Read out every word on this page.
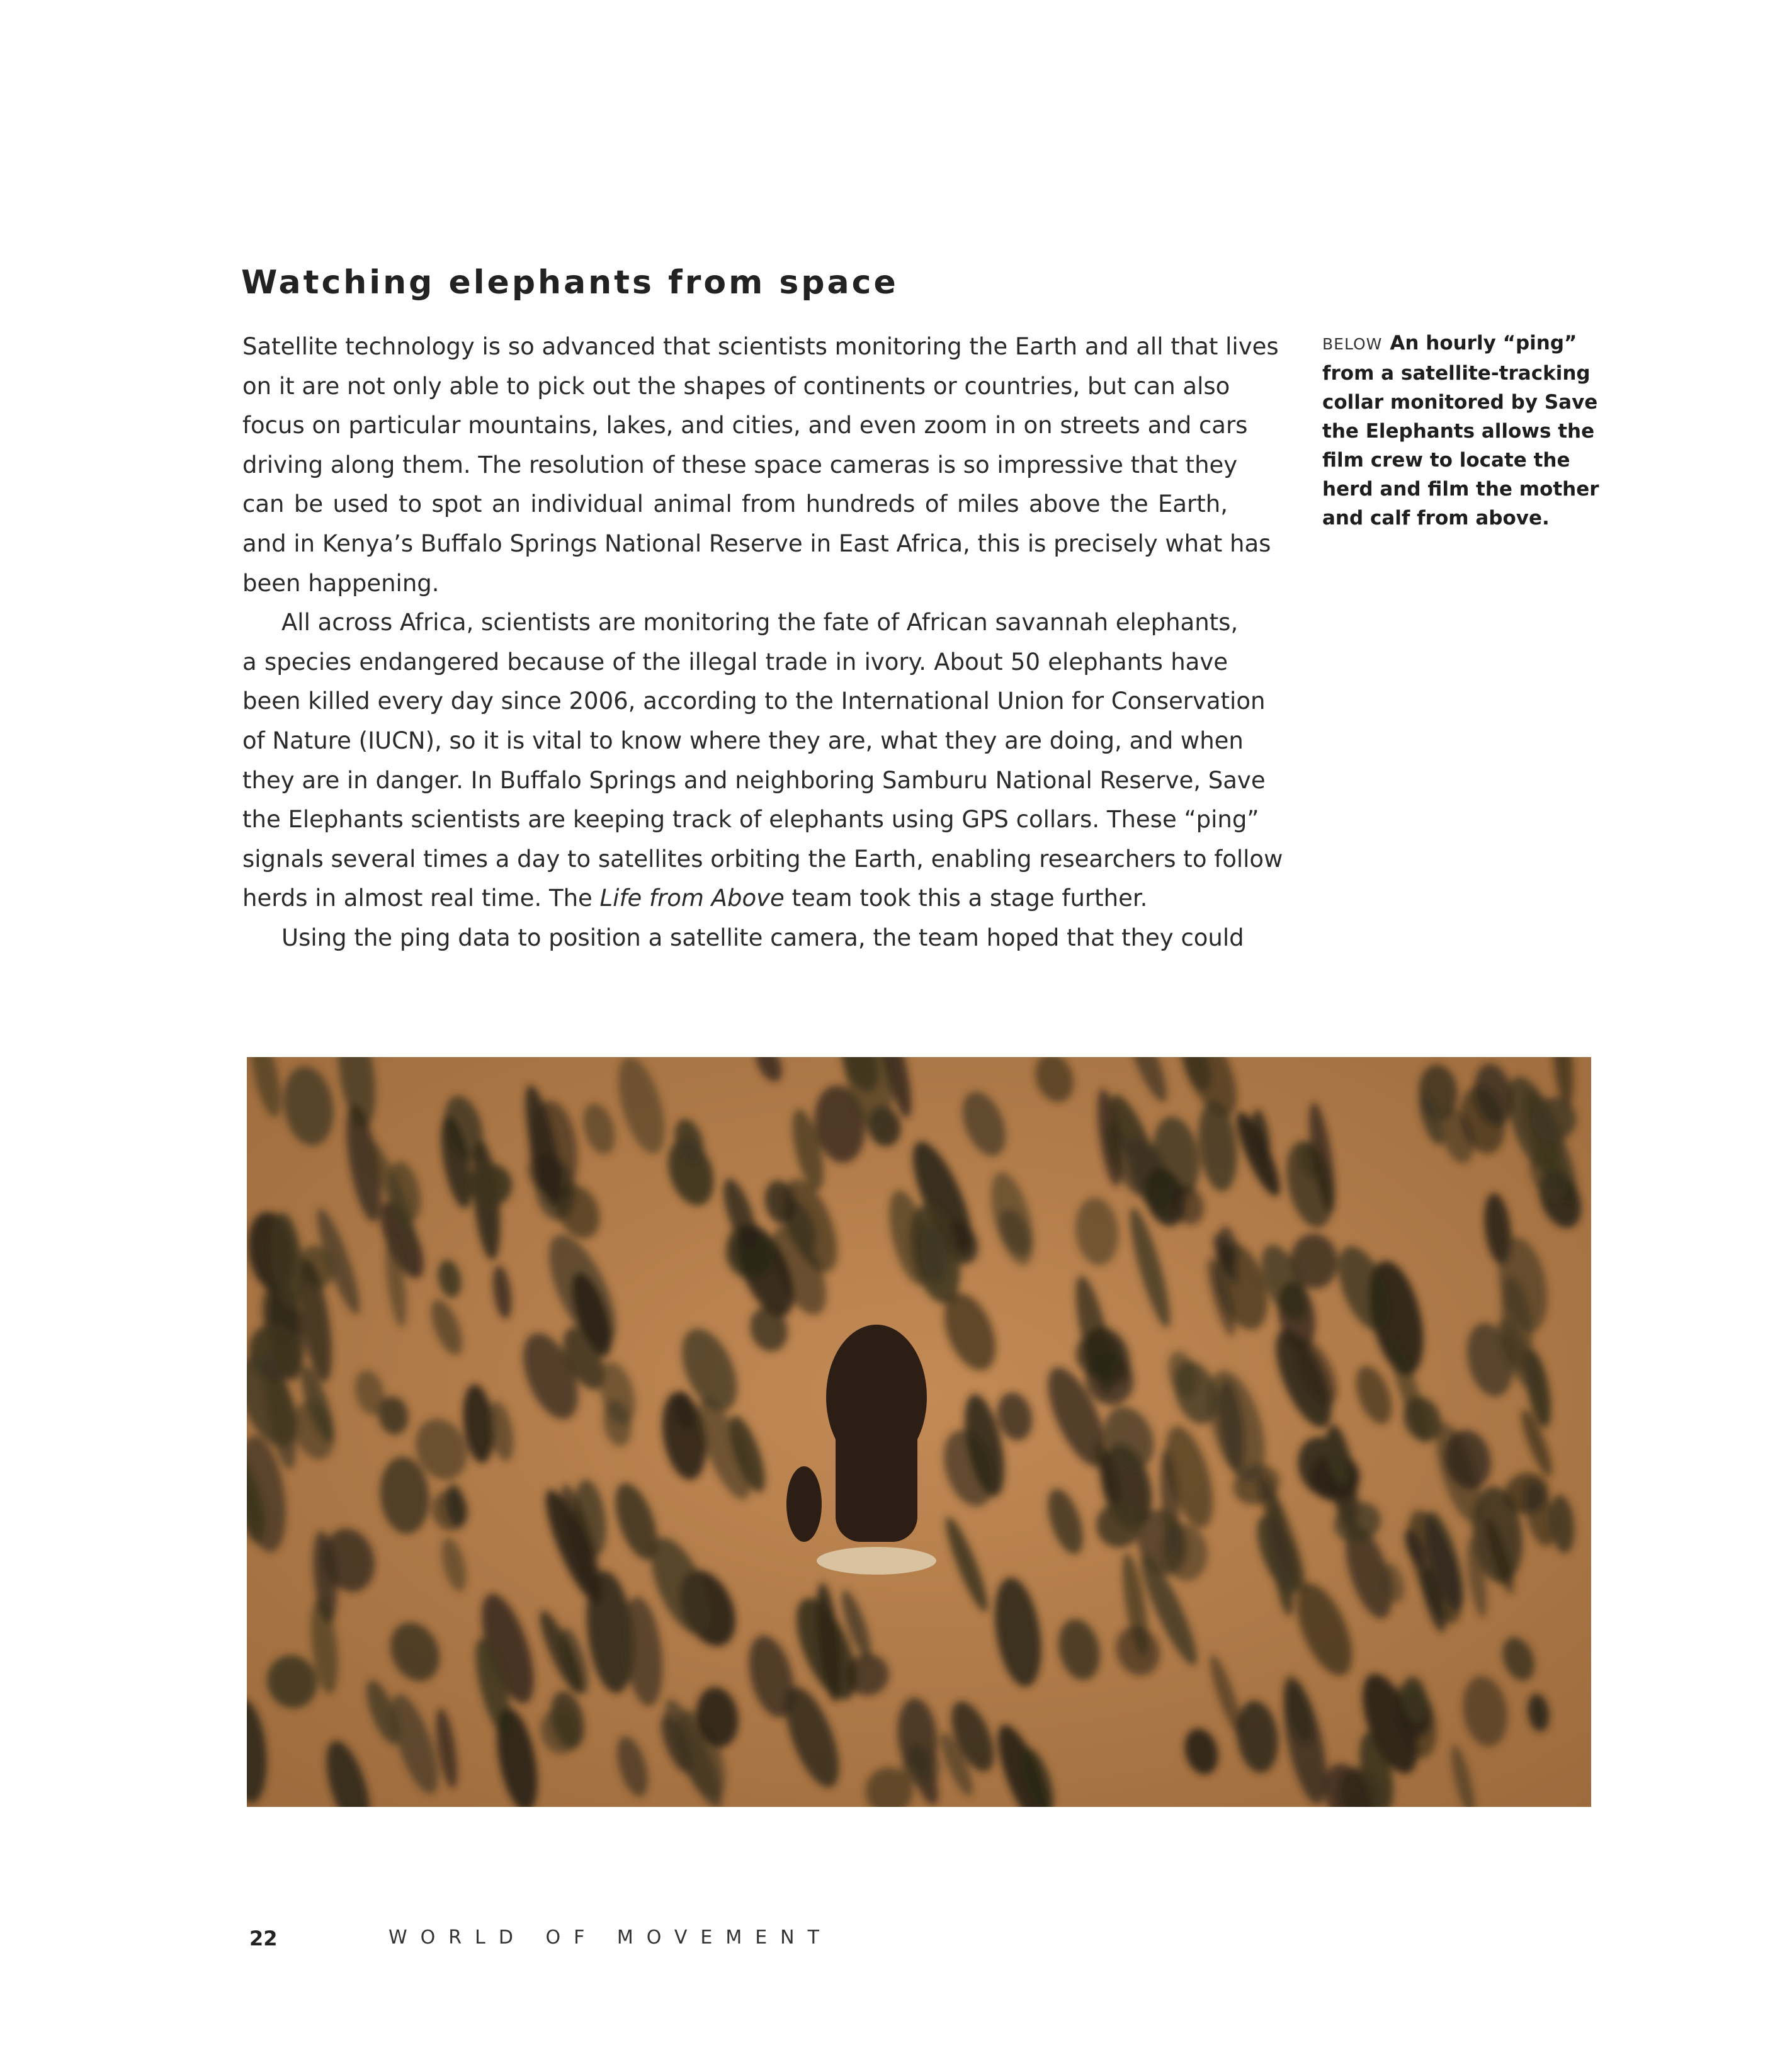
Watching elephants from space
Satellite technology is so advanced that scientists monitoring the Earth and all that lives
on it are not only able to pick out the shapes of continents or countries, but can also
focus on particular mountains, lakes, and cities, and even zoom in on streets and cars
driving along them. The resolution of these space cameras is so impressive that they
can be used to spot an individual animal from hundreds of miles above the Earth,
and in Kenya’s Buffalo Springs National Reserve in East Africa, this is precisely what has
been happening.
All across Africa, scientists are monitoring the fate of African savannah elephants,
a species endangered because of the illegal trade in ivory. About 50 elephants have
been killed every day since 2006, according to the International Union for Conservation
of Nature (IUCN), so it is vital to know where they are, what they are doing, and when
they are in danger. In Buffalo Springs and neighboring Samburu National Reserve, Save
the Elephants scientists are keeping track of elephants using GPS collars. These “ping”
signals several times a day to satellites orbiting the Earth, enabling researchers to follow
herds in almost real time. The Life from Above team took this a stage further.
Using the ping data to position a satellite camera, the team hoped that they could
BELOW An hourly “ping” from a satellite-tracking collar monitored by Save the Elephants allows the film crew to locate the herd and film the mother and calf from above.
22	WORLD OF MOVEMENT
